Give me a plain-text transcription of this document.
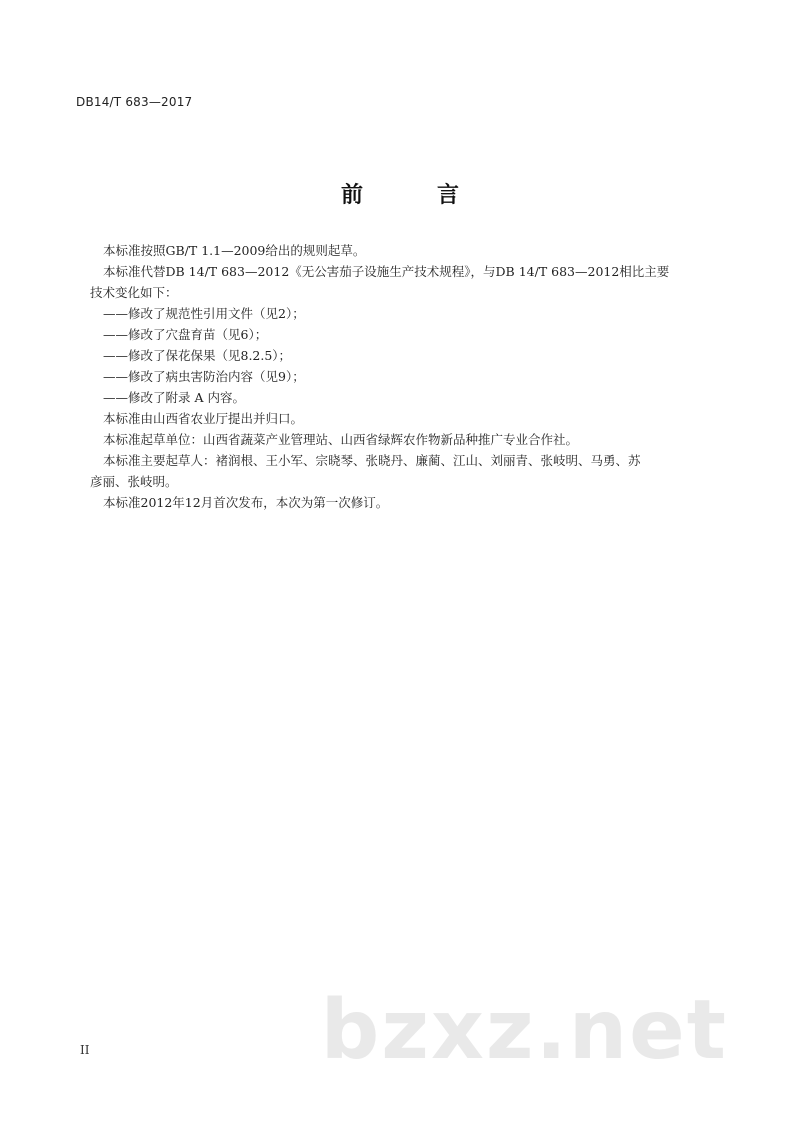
DB14/T 683—2017
前　言

本标准按照GB/T 1.1—2009给出的规则起草。

本标准代替DB 14/T 683—2012《无公害茄子设施生产技术规程》，与DB 14/T 683—2012相比主要
技术变化如下：

——修改了规范性引用文件（见2）；

——修改了穴盘育苗（见6）；

——修改了保花保果（见8.2.5）；

——修改了病虫害防治内容（见9）；

——修改了附录 A 内容。

本标准由山西省农业厅提出并归口。

本标准起草单位：山西省蔬菜产业管理站、山西省绿辉农作物新品种推广专业合作社。

本标准主要起草人：褚润根、王小军、宗晓琴、张晓丹、廉蔺、江山、刘丽青、张岐明、马勇、苏
彦丽、张岐明。

本标准2012年12月首次发布，本次为第一次修订。

bzxz.net
II
